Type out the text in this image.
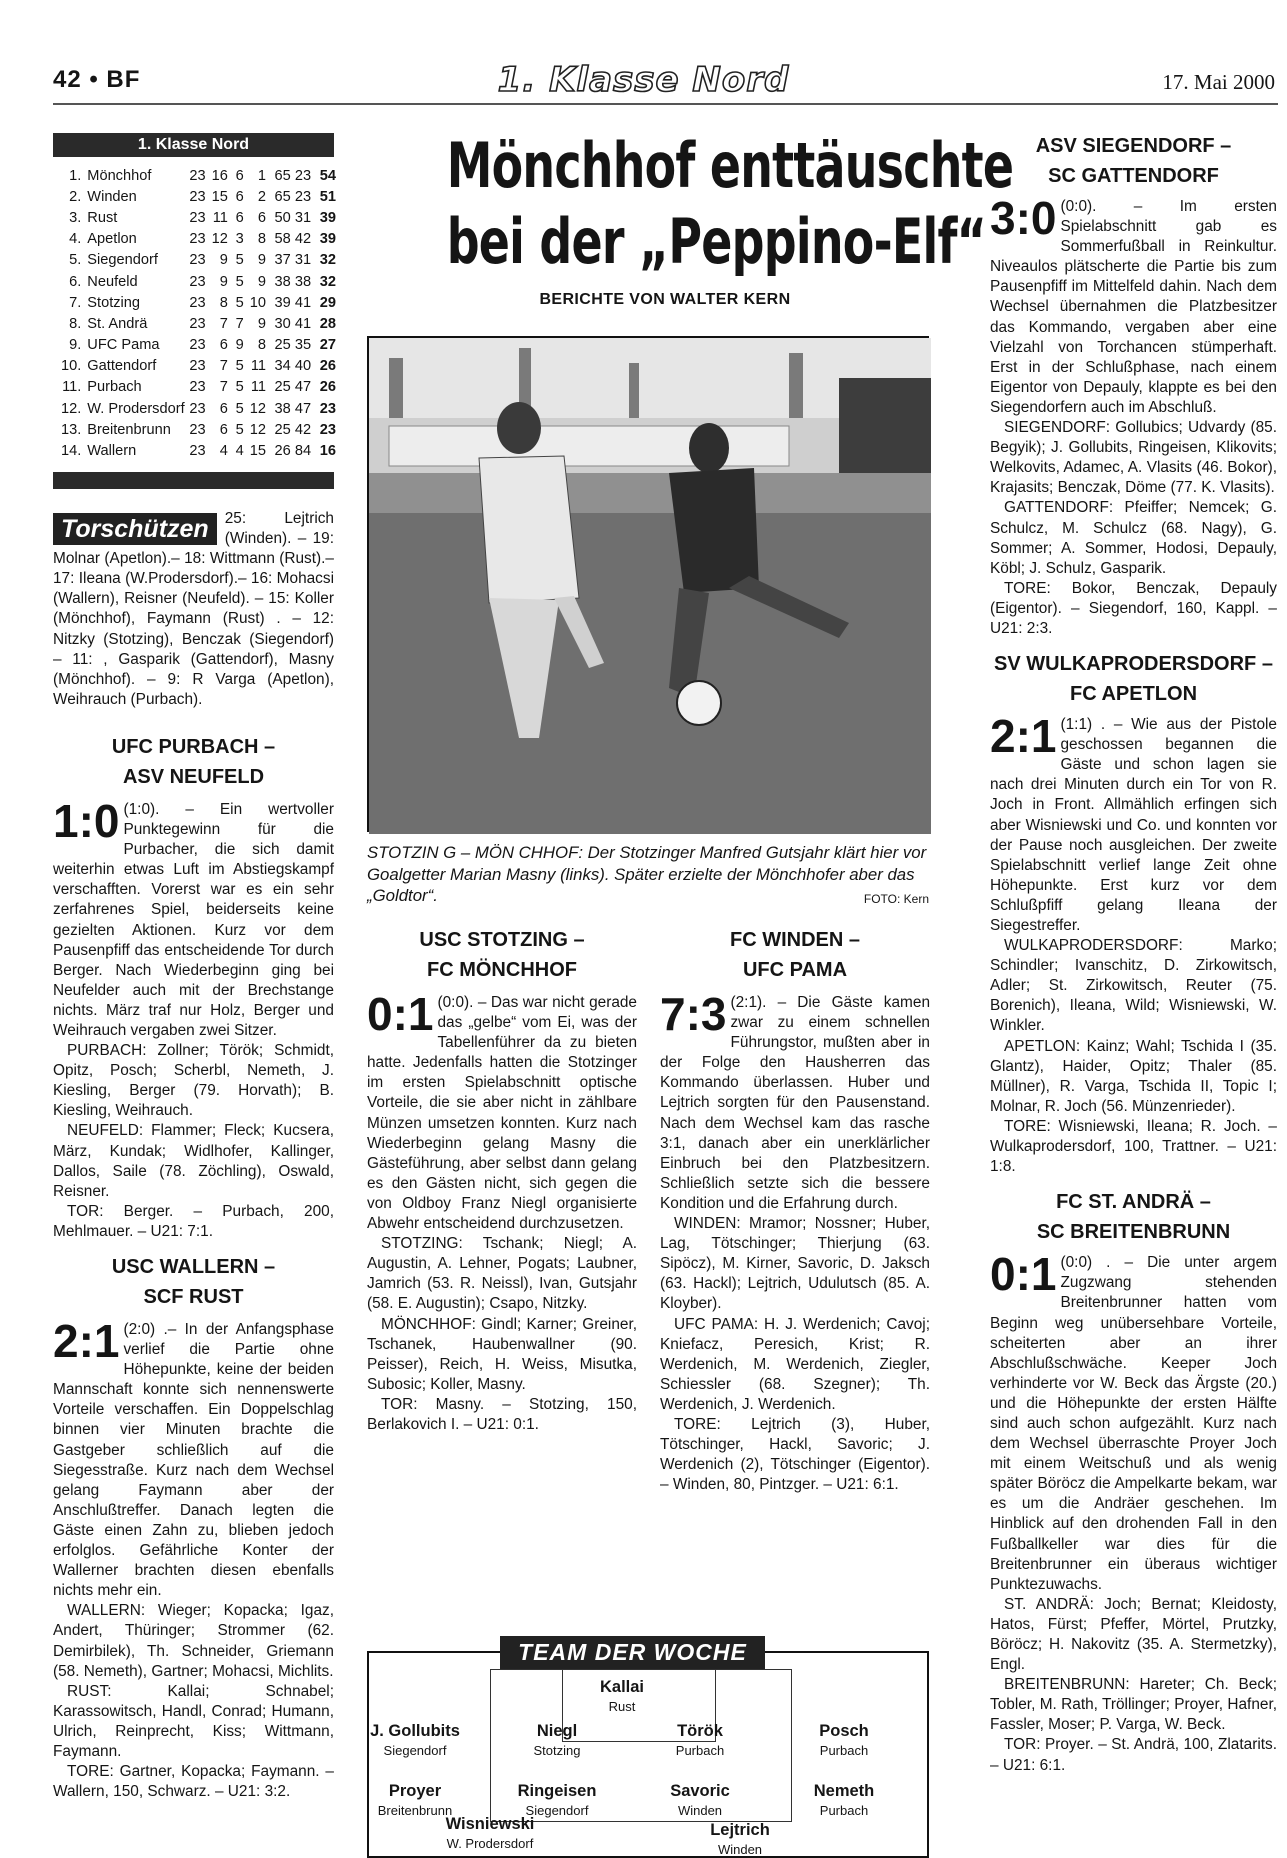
42 • BF	1. Klasse Nord	17. Mai 2000
1. Klasse Nord
1.	Mönchhof	23	16	6	1	65 23	54
2.	Winden	23	15	6	2	65 23	51
3.	Rust	23	11	6	6	50 31	39
4.	Apetlon	23	12	3	8	58 42	39
5.	Siegendorf	23	9	5	9	37 31	32
6.	Neufeld	23	9	5	9	38 38	32
7.	Stotzing	23	8	5	10	39 41	29
8.	St. Andrä	23	7	7	9	30 41	28
9.	UFC Pama	23	6	9	8	25 35	27
10.	Gattendorf	23	7	5	11	34 40	26
11.	Purbach	23	7	5	11	25 47	26
12.	W. Prodersdorf	23	6	5	12	38 47	23
13.	Breitenbrunn	23	6	5	12	25 42	23
14.	Wallern	23	4	4	15	26 84	16
Torschützen	25: Lejtrich (Winden). – 19: Molnar (Apetlon).– 18: Wittmann (Rust).– 17: Ileana (W.Prodersdorf).– 16: Mohacsi (Wallern), Reisner (Neufeld). – 15: Koller (Mönchhof), Faymann (Rust) . – 12: Nitzky (Stotzing), Benczak (Siegendorf) – 11: , Gasparik (Gattendorf), Masny (Mönchhof). – 9: R Varga (Apetlon), Weihrauch (Purbach).
UFC PURBACH –
ASV NEUFELD
1:0 (1:0). – Ein wertvoller Punktegewinn für die Purbacher, die sich damit weiterhin etwas Luft im Abstiegskampf verschafften. Vorerst war es ein sehr zerfahrenes Spiel, beiderseits keine gezielten Aktionen. Kurz vor dem Pausenpfiff das entscheidende Tor durch Berger. Nach Wiederbeginn ging bei Neufelder auch mit der Brechstange nichts. März traf nur Holz, Berger und Weihrauch vergaben zwei Sitzer.

PURBACH: Zollner; Török; Schmidt, Opitz, Posch; Scherbl, Nemeth, J. Kiesling, Berger (79. Horvath); B. Kiesling, Weihrauch.

NEUFELD: Flammer; Fleck; Kucsera, März, Kundak; Widlhofer, Kallinger, Dallos, Saile (78. Zöchling), Oswald, Reisner.

TOR: Berger. – Purbach, 200, Mehlmauer. – U21: 7:1.

USC WALLERN –
SCF RUST
2:1 (2:0) .– In der Anfangsphase verlief die Partie ohne Höhepunkte, keine der beiden Mannschaft konnte sich nennenswerte Vorteile verschaffen. Ein Doppelschlag binnen vier Minuten brachte die Gastgeber schließlich auf die Siegesstraße. Kurz nach dem Wechsel gelang Faymann aber der Anschlußtreffer. Danach legten die Gäste einen Zahn zu, blieben jedoch erfolglos. Gefährliche Konter der Wallerner brachten diesen ebenfalls nichts mehr ein.

WALLERN: Wieger; Kopacka; Igaz, Andert, Thüringer; Strommer (62. Demirbilek), Th. Schneider, Griemann (58. Nemeth), Gartner; Mohacsi, Michlits.

RUST: Kallai; Schnabel; Karassowitsch, Handl, Conrad; Humann, Ulrich, Reinprecht, Kiss; Wittmann, Faymann.

TORE: Gartner, Kopacka; Faymann. – Wallern, 150, Schwarz. – U21: 3:2.

Mönchhof enttäuschte
bei der „Peppino-Elf“
BERICHTE VON WALTER KERN
STOTZIN G – MÖN CHHOF: Der Stotzinger Manfred Gutsjahr klärt hier vor Goalgetter Marian Masny (links). Später erzielte der Mönchhofer aber das „Goldtor“.	FOTO: Kern
USC STOTZING –
FC MÖNCHHOF
0:1 (0:0). – Das war nicht gerade das „gelbe“ vom Ei, was der Tabellenführer da zu bieten hatte. Jedenfalls hatten die Stotzinger im ersten Spielabschnitt optische Vorteile, die sie aber nicht in zählbare Münzen umsetzen konnten. Kurz nach Wiederbeginn gelang Masny die Gästeführung, aber selbst dann gelang es den Gästen nicht, sich gegen die von Oldboy Franz Niegl organisierte Abwehr entscheidend durchzusetzen.

STOTZING: Tschank; Niegl; A. Augustin, A. Lehner, Pogats; Laubner, Jamrich (53. R. Neissl), Ivan, Gutsjahr (58. E. Augustin); Csapo, Nitzky.

MÖNCHHOF: Gindl; Karner; Greiner, Tschanek, Haubenwallner (90. Peisser), Reich, H. Weiss, Misutka, Subosic; Koller, Masny.

TOR: Masny. – Stotzing, 150, Berlakovich I. – U21: 0:1.

FC WINDEN –
UFC PAMA
7:3 (2:1). – Die Gäste kamen zwar zu einem schnellen Führungstor, mußten aber in der Folge den Hausherren das Kommando überlassen. Huber und Lejtrich sorgten für den Pausenstand. Nach dem Wechsel kam das rasche 3:1, danach aber ein unerklärlicher Einbruch bei den Platzbesitzern. Schließlich setzte sich die bessere Kondition und die Erfahrung durch.

WINDEN: Mramor; Nossner; Huber, Lag, Tötschinger; Thierjung (63. Sipöcz), M. Kirner, Savoric, D. Jaksch (63. Hackl); Lejtrich, Udulutsch (85. A. Kloyber).

UFC PAMA: H. J. Werdenich; Cavoj; Kniefacz, Peresich, Krist; R. Werdenich, M. Werdenich, Ziegler, Schiessler (68. Szegner); Th. Werdenich, J. Werdenich.

TORE: Lejtrich (3), Huber, Tötschinger, Hackl, Savoric; J. Werdenich (2), Tötschinger (Eigentor). – Winden, 80, Pintzger. – U21: 6:1.

TEAM DER WOCHE
Kallai
Rust
J. Gollubits
Siegendorf
Niegl
Stotzing
Török
Purbach
Posch
Purbach
Proyer
Breitenbrunn
Ringeisen
Siegendorf
Savoric
Winden
Nemeth
Purbach
Wisniewski
W. Prodersdorf
Lejtrich
Winden
ASV SIEGENDORF –
SC GATTENDORF
3:0 (0:0). – Im ersten Spielabschnitt gab es Sommerfußball in Reinkultur. Niveaulos plätscherte die Partie bis zum Pausenpfiff im Mittelfeld dahin. Nach dem Wechsel übernahmen die Platzbesitzer das Kommando, vergaben aber eine Vielzahl von Torchancen stümperhaft. Erst in der Schlußphase, nach einem Eigentor von Depauly, klappte es bei den Siegendorfern auch im Abschluß.

SIEGENDORF: Gollubics; Udvardy (85. Begyik); J. Gollubits, Ringeisen, Klikovits; Welkovits, Adamec, A. Vlasits (46. Bokor), Krajasits; Benczak, Döme (77. K. Vlasits).

GATTENDORF: Pfeiffer; Nemcek; G. Schulcz, M. Schulcz (68. Nagy), G. Sommer; A. Sommer, Hodosi, Depauly, Köbl; J. Schulz, Gasparik.

TORE: Bokor, Benczak, Depauly (Eigentor). – Siegendorf, 160, Kappl. – U21: 2:3.

SV WULKAPRODERSDORF –
FC APETLON
2:1 (1:1) . – Wie aus der Pistole geschossen begannen die Gäste und schon lagen sie nach drei Minuten durch ein Tor von R. Joch in Front. Allmählich erfingen sich aber Wisniewski und Co. und konnten vor der Pause noch ausgleichen. Der zweite Spielabschnitt verlief lange Zeit ohne Höhepunkte. Erst kurz vor dem Schlußpfiff gelang Ileana der Siegestreffer.

WULKAPRODERSDORF: Marko; Schindler; Ivanschitz, D. Zirkowitsch, Adler; St. Zirkowitsch, Reuter (75. Borenich), Ileana, Wild; Wisniewski, W. Winkler.

APETLON: Kainz; Wahl; Tschida I (35. Glantz), Haider, Opitz; Thaler (85. Müllner), R. Varga, Tschida II, Topic I; Molnar, R. Joch (56. Münzenrieder).

TORE: Wisniewski, Ileana; R. Joch. – Wulkaprodersdorf, 100, Trattner. – U21: 1:8.

FC ST. ANDRÄ –
SC BREITENBRUNN
0:1 (0:0) . – Die unter argem Zugzwang stehenden Breitenbrunner hatten vom Beginn weg unübersehbare Vorteile, scheiterten aber an ihrer Abschlußschwäche. Keeper Joch verhinderte vor W. Beck das Ärgste (20.) und die Höhepunkte der ersten Hälfte sind auch schon aufgezählt. Kurz nach dem Wechsel überraschte Proyer Joch mit einem Weitschuß und als wenig später Böröcz die Ampelkarte bekam, war es um die Andräer geschehen. Im Hinblick auf den drohenden Fall in den Fußballkeller war dies für die Breitenbrunner ein überaus wichtiger Punktezuwachs.

ST. ANDRÄ: Joch; Bernat; Kleidosty, Hatos, Fürst; Pfeffer, Mörtel, Prutzky, Böröcz; H. Nakovitz (35. A. Stermetzky), Engl.

BREITENBRUNN: Hareter; Ch. Beck; Tobler, M. Rath, Tröllinger; Proyer, Hafner, Fassler, Moser; P. Varga, W. Beck.

TOR: Proyer. – St. Andrä, 100, Zlatarits. – U21: 6:1.
